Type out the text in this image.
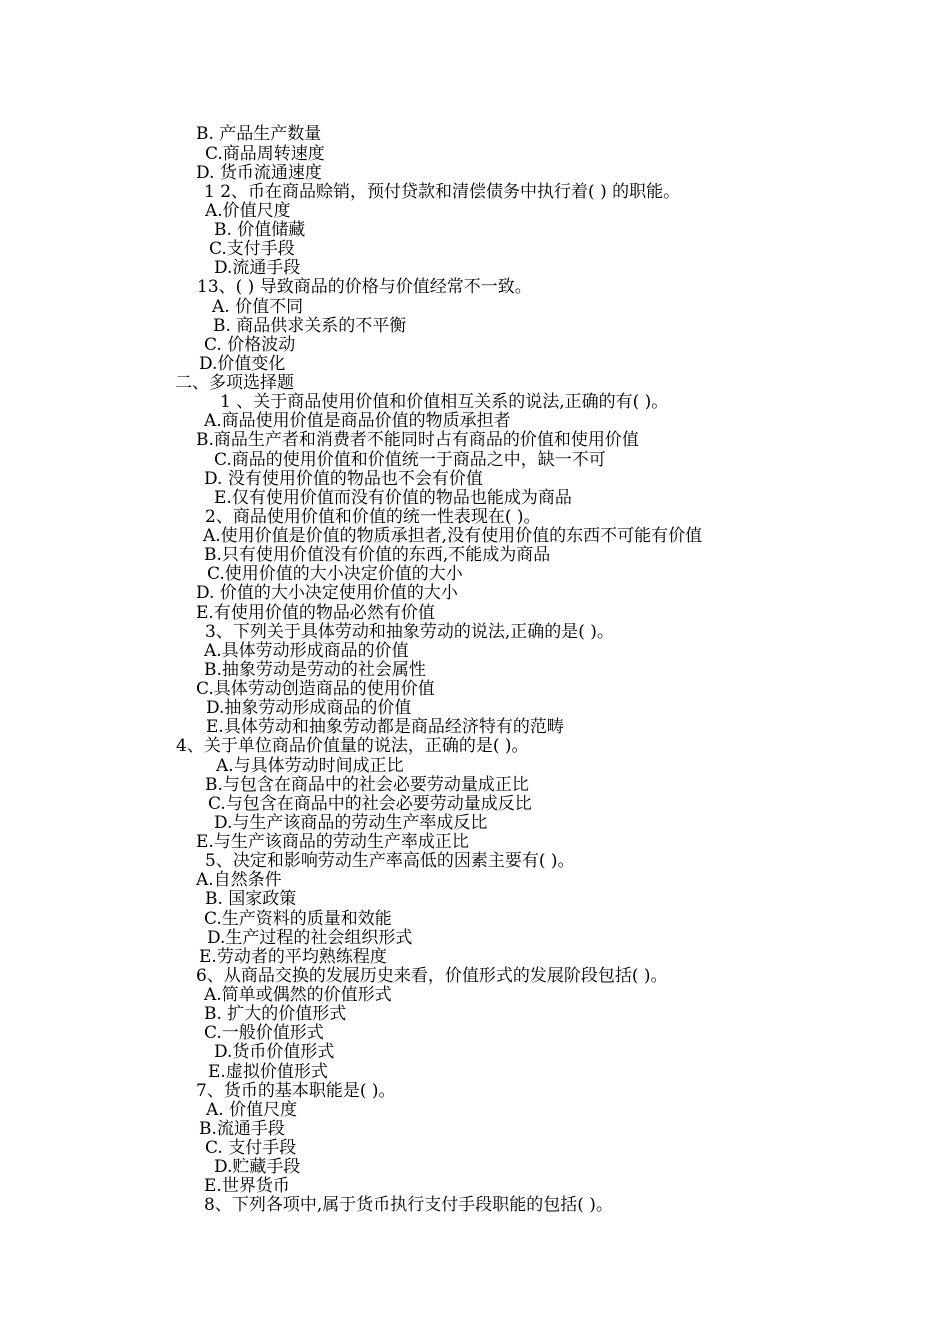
B. 产品生产数量
C.商品周转速度
D. 货币流通速度
1 2、币在商品赊销，预付贷款和清偿债务中执行着( ) 的职能。
A.价值尺度
B. 价值储藏
C.支付手段
D.流通手段
13、( ) 导致商品的价格与价值经常不一致。
A. 价值不同
B. 商品供求关系的不平衡
C. 价格波动
D.价值变化
二、多项选择题
1 、关于商品使用价值和价值相互关系的说法,正确的有( )。
A.商品使用价值是商品价值的物质承担者
B.商品生产者和消费者不能同时占有商品的价值和使用价值
C.商品的使用价值和价值统一于商品之中，缺一不可
D. 没有使用价值的物品也不会有价值
E.仅有使用价值而没有价值的物品也能成为商品
2、商品使用价值和价值的统一性表现在( )。
A.使用价值是价值的物质承担者,没有使用价值的东西不可能有价值
B.只有使用价值没有价值的东西,不能成为商品
C.使用价值的大小决定价值的大小
D. 价值的大小决定使用价值的大小
E.有使用价值的物品必然有价值
3、下列关于具体劳动和抽象劳动的说法,正确的是( )。
A.具体劳动形成商品的价值
B.抽象劳动是劳动的社会属性
C.具体劳动创造商品的使用价值
D.抽象劳动形成商品的价值
E.具体劳动和抽象劳动都是商品经济特有的范畴
4、关于单位商品价值量的说法，正确的是( )。
A.与具体劳动时间成正比
B.与包含在商品中的社会必要劳动量成正比
C.与包含在商品中的社会必要劳动量成反比
D.与生产该商品的劳动生产率成反比
E.与生产该商品的劳动生产率成正比
5、决定和影响劳动生产率高低的因素主要有( )。
A.自然条件
B. 国家政策
C.生产资料的质量和效能
D.生产过程的社会组织形式
E.劳动者的平均熟练程度
6、从商品交换的发展历史来看，价值形式的发展阶段包括( )。
A.简单或偶然的价值形式
B. 扩大的价值形式
C.一般价值形式
D.货币价值形式
E.虚拟价值形式
7、货币的基本职能是( )。
A. 价值尺度
B.流通手段
C. 支付手段
D.贮藏手段
E.世界货币
8、下列各项中,属于货币执行支付手段职能的包括( )。
